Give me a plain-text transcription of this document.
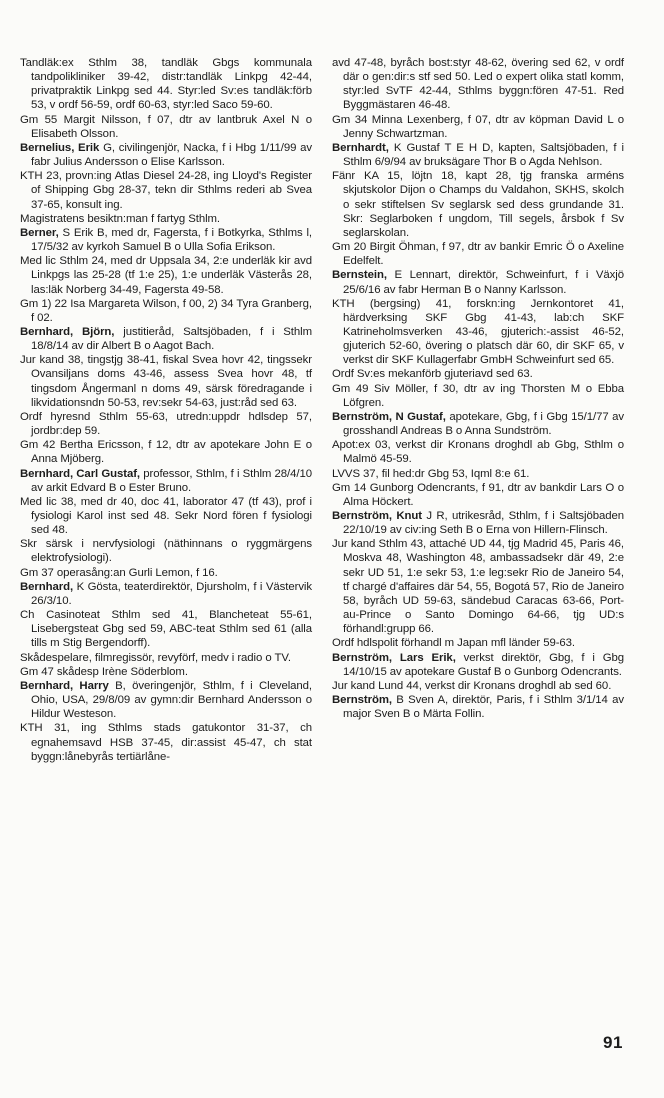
Tandläk:ex Sthlm 38, tandläk Gbgs kommunala tandpolikliniker 39-42, distr:tandläk Linkpg 42-44, privatpraktik Linkpg sed 44. Styr:led Sv:es tandläk:förb 53, v ordf 56-59, ordf 60-63, styr:led Saco 59-60.

Gm 55 Margit Nilsson, f 07, dtr av lantbruk Axel N o Elisabeth Olsson.

Bernelius, Erik G, civilingenjör, Nacka, f i Hbg 1/11/99 av fabr Julius Andersson o Elise Karlsson.

KTH 23, provn:ing Atlas Diesel 24-28, ing Lloyd's Register of Shipping Gbg 28-37, tekn dir Sthlms rederi ab Svea 37-65, konsult ing.

Magistratens besiktn:man f fartyg Sthlm.

Berner, S Erik B, med dr, Fagersta, f i Botkyrka, Sthlms l, 17/5/32 av kyrkoh Samuel B o Ulla Sofia Erikson.

Med lic Sthlm 24, med dr Uppsala 34, 2:e underläk kir avd Linkpgs las 25-28 (tf 1:e 25), 1:e underläk Västerås 28, las:läk Norberg 34-49, Fagersta 49-58.

Gm 1) 22 Isa Margareta Wilson, f 00, 2) 34 Tyra Granberg, f 02.

Bernhard, Björn, justitieråd, Saltsjöbaden, f i Sthlm 18/8/14 av dir Albert B o Aagot Bach.

Jur kand 38, tingstjg 38-41, fiskal Svea hovr 42, tingssekr Ovansiljans doms 43-46, assess Svea hovr 48, tf tingsdom Ångermanl n doms 49, särsk föredragande i likvidationsndn 50-53, rev:sekr 54-63, just:råd sed 63.

Ordf hyresnd Sthlm 55-63, utredn:uppdr hdlsdep 57, jordbr:dep 59.

Gm 42 Bertha Ericsson, f 12, dtr av apotekare John E o Anna Mjöberg.

Bernhard, Carl Gustaf, professor, Sthlm, f i Sthlm 28/4/10 av arkit Edvard B o Ester Bruno.

Med lic 38, med dr 40, doc 41, laborator 47 (tf 43), prof i fysiologi Karol inst sed 48. Sekr Nord fören f fysiologi sed 48.

Skr särsk i nervfysiologi (näthinnans o ryggmärgens elektrofysiologi).

Gm 37 operasång:an Gurli Lemon, f 16.

Bernhard, K Gösta, teaterdirektör, Djursholm, f i Västervik 26/3/10.

Ch Casinoteat Sthlm sed 41, Blancheteat 55-61, Lisebergsteat Gbg sed 59, ABC-teat Sthlm sed 61 (alla tills m Stig Bergendorff).

Skådespelare, filmregissör, revyförf, medv i radio o TV.

Gm 47 skådesp Irène Söderblom.

Bernhard, Harry B, överingenjör, Sthlm, f i Cleveland, Ohio, USA, 29/8/09 av gymn:dir Bernhard Andersson o Hildur Westeson.

KTH 31, ing Sthlms stads gatukontor 31-37, ch egnahemsavd HSB 37-45, dir:assist 45-47, ch stat byggn:lånebyrås tertiärlåne-

avd 47-48, byråch bost:styr 48-62, övering sed 62, v ordf där o gen:dir:s stf sed 50. Led o expert olika statl komm, styr:led SvTF 42-44, Sthlms byggn:fören 47-51. Red Byggmästaren 46-48.

Gm 34 Minna Lexenberg, f 07, dtr av köpman David L o Jenny Schwartzman.

Bernhardt, K Gustaf T E H D, kapten, Saltsjöbaden, f i Sthlm 6/9/94 av bruksägare Thor B o Agda Nehlson.

Fänr KA 15, löjtn 18, kapt 28, tjg franska arméns skjutskolor Dijon o Champs du Valdahon, SKHS, skolch o sekr stiftelsen Sv seglarsk sed dess grundande 31. Skr: Seglarboken f ungdom, Till segels, årsbok f Sv seglarskolan.

Gm 20 Birgit Öhman, f 97, dtr av bankir Emric Ö o Axeline Edelfelt.

Bernstein, E Lennart, direktör, Schweinfurt, f i Växjö 25/6/16 av fabr Herman B o Nanny Karlsson.

KTH (bergsing) 41, forskn:ing Jernkontoret 41, härdverksing SKF Gbg 41-43, lab:ch SKF Katrineholmsverken 43-46, gjuterich:-assist 46-52, gjuterich 52-60, övering o platsch där 60, dir SKF 65, v verkst dir SKF Kullagerfabr GmbH Schweinfurt sed 65.

Ordf Sv:es mekanförb gjuteriavd sed 63.

Gm 49 Siv Möller, f 30, dtr av ing Thorsten M o Ebba Löfgren.

Bernström, N Gustaf, apotekare, Gbg, f i Gbg 15/1/77 av grosshandl Andreas B o Anna Sundström.

Apot:ex 03, verkst dir Kronans droghdl ab Gbg, Sthlm o Malmö 45-59.

LVVS 37, fil hed:dr Gbg 53, Iqml 8:e 61.

Gm 14 Gunborg Odencrants, f 91, dtr av bankdir Lars O o Alma Höckert.

Bernström, Knut J R, utrikesråd, Sthlm, f i Saltsjöbaden 22/10/19 av civ:ing Seth B o Erna von Hillern-Flinsch.

Jur kand Sthlm 43, attaché UD 44, tjg Madrid 45, Paris 46, Moskva 48, Washington 48, ambassadsekr där 49, 2:e sekr UD 51, 1:e sekr 53, 1:e leg:sekr Rio de Janeiro 54, tf chargé d'affaires där 54, 55, Bogotá 57, Rio de Janeiro 58, byråch UD 59-63, sändebud Caracas 63-66, Port-au-Prince o Santo Domingo 64-66, tjg UD:s förhandl:grupp 66.

Ordf hdlspolit förhandl m Japan mfl länder 59-63.

Bernström, Lars Erik, verkst direktör, Gbg, f i Gbg 14/10/15 av apotekare Gustaf B o Gunborg Odencrants.

Jur kand Lund 44, verkst dir Kronans droghdl ab sed 60.

Bernström, B Sven A, direktör, Paris, f i Sthlm 3/1/14 av major Sven B o Märta Follin.

91
